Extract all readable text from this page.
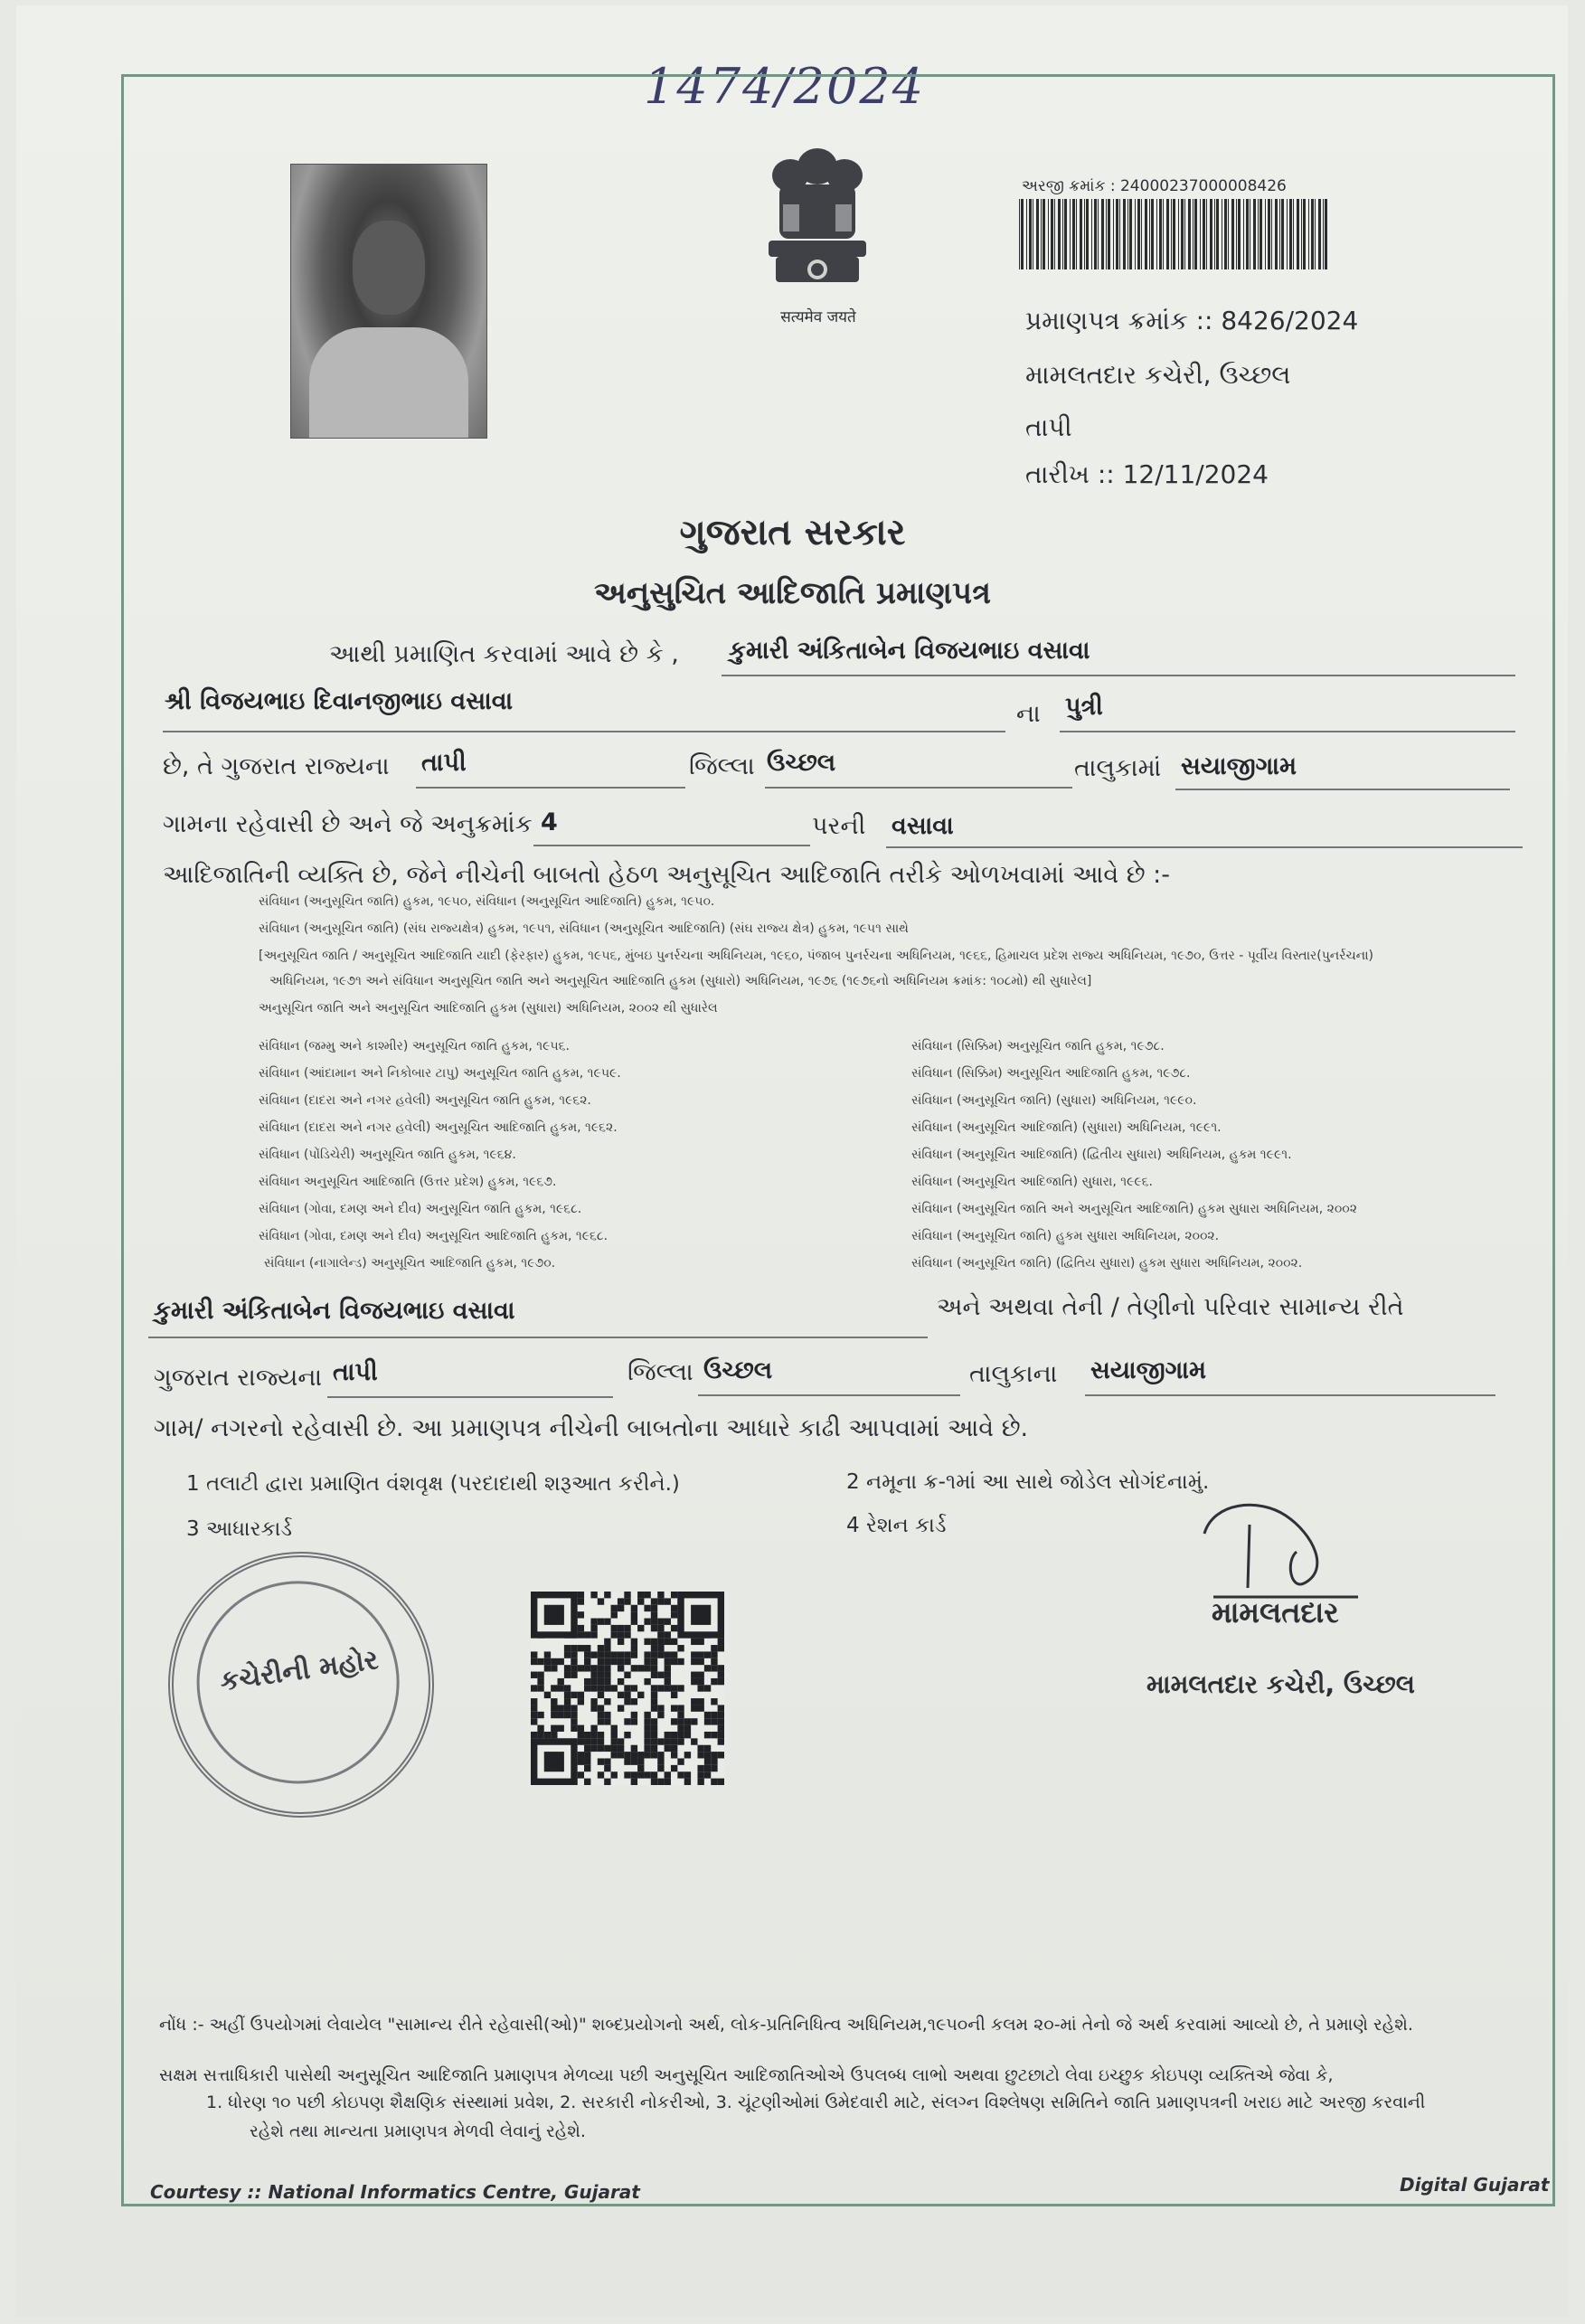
1474/2024
सत्यमेव जयते
અરજી ક્રમાંક : 24000237000008426
પ્રમાણપત્ર ક્રમાંક :: 8426/2024
મામલતદાર કચેરી, ઉચ્છલ
તાપી
તારીખ :: 12/11/2024
ગુજરાત સરકાર
અનુસુચિત આદિજાતિ પ્રમાણપત્ર
આથી પ્રમાણિત કરવામાં આવે છે કે , કુમારી અંકિતાબેન વિજયભાઇ વસાવા
શ્રી વિજયભાઇ દિવાનજીભાઇ વસાવા	ના પુત્રી
છે, તે ગુજરાત રાજ્યના તાપી	જિલ્લા ઉચ્છલ	તાલુકામાં સયાજીગામ
ગામના રહેવાસી છે અને જે અનુક્રમાંક 4	પરની વસાવા
આદિજાતિની વ્યક્તિ છે, જેને નીચેની બાબતો હેઠળ અનુસૂચિત આદિજાતિ તરીકે ઓળખવામાં આવે છે :-
સંવિધાન (અનુસૂચિત જાતિ) હુકમ, ૧૯૫૦, સંવિધાન (અનુસૂચિત આદિજાતિ) હુકમ, ૧૯૫૦.
સંવિધાન (અનુસૂચિત જાતિ) (સંઘ રાજ્યક્ષેત્ર) હુકમ, ૧૯૫૧, સંવિધાન (અનુસૂચિત આદિજાતિ) (સંઘ રાજ્ય ક્ષેત્ર) હુકમ, ૧૯૫૧ સાથે
[અનુસૂચિત જાતિ / અનુસૂચિત આદિજાતિ યાદી (ફેરફાર) હુકમ, ૧૯૫૬, મુંબઇ પુનર્રચના અધિનિયમ, ૧૯૬૦, પંજાબ પુનર્રચના અધિનિયમ, ૧૯૬૬, હિમાચલ પ્રદેશ રાજ્ય અધિનિયમ, ૧૯૭૦, ઉત્તર - પૂર્વીય વિસ્તાર(પુનર્રચના)
અધિનિયમ, ૧૯૭૧ અને સંવિધાન અનુસૂચિત જાતિ અને અનુસૂચિત આદિજાતિ હુકમ (સુધારો) અધિનિયમ, ૧૯૭૬ (૧૯૭૬નો અધિનિયમ ક્રમાંક: ૧૦૮મો) થી સુધારેલ]
અનુસૂચિત જાતિ અને અનુસૂચિત આદિજાતિ હુકમ (સુધારા) અધિનિયમ, ૨૦૦૨ થી સુધારેલ
સંવિધાન (જમ્મુ અને કાશ્મીર) અનુસૂચિત જાતિ હુકમ, ૧૯૫૬.
સંવિધાન (આંદામાન અને નિકોબાર ટાપુ) અનુસૂચિત જાતિ હુકમ, ૧૯૫૯.
સંવિધાન (દાદરા અને નગર હવેલી) અનુસૂચિત જાતિ હુકમ, ૧૯૬૨.
સંવિધાન (દાદરા અને નગર હવેલી) અનુસૂચિત આદિજાતિ હુકમ, ૧૯૬૨.
સંવિધાન (પોંડિચેરી) અનુસૂચિત જાતિ હુકમ, ૧૯૬૪.
સંવિધાન અનુસૂચિત આદિજાતિ (ઉત્તર પ્રદેશ) હુકમ, ૧૯૬૭.
સંવિધાન (ગોવા, દમણ અને દીવ) અનુસૂચિત જાતિ હુકમ, ૧૯૬૮.
સંવિધાન (ગોવા, દમણ અને દીવ) અનુસૂચિત આદિજાતિ હુકમ, ૧૯૬૮.
સંવિધાન (નાગાલેન્ડ) અનુસૂચિત આદિજાતિ હુકમ, ૧૯૭૦.
સંવિધાન (સિક્કિમ) અનુસૂચિત જાતિ હુકમ, ૧૯૭૮.
સંવિધાન (સિક્કિમ) અનુસૂચિત આદિજાતિ હુકમ, ૧૯૭૮.
સંવિધાન (અનુસૂચિત જાતિ) (સુધારા) અધિનિયમ, ૧૯૯૦.
સંવિધાન (અનુસૂચિત આદિજાતિ) (સુધારા) અધિનિયમ, ૧૯૯૧.
સંવિધાન (અનુસૂચિત આદિજાતિ) (દ્વિતીય સુધારા) અધિનિયમ, હુકમ ૧૯૯૧.
સંવિધાન (અનુસૂચિત આદિજાતિ) સુધારા, ૧૯૯૬.
સંવિધાન (અનુસૂચિત જાતિ અને અનુસૂચિત આદિજાતિ) હુકમ સુધારા અધિનિયમ, ૨૦૦૨
સંવિધાન (અનુસૂચિત જાતિ) હુકમ સુધારા અધિનિયમ, ૨૦૦૨.
સંવિધાન (અનુસૂચિત જાતિ) (દ્વિતિય સુધારા) હુકમ સુધારા અધિનિયમ, ૨૦૦૨.
કુમારી અંકિતાબેન વિજયભાઇ વસાવા	અને અથવા તેની / તેણીનો પરિવાર સામાન્ય રીતે
ગુજરાત રાજ્યના તાપી	જિલ્લા ઉચ્છલ	તાલુકાના સયાજીગામ
ગામ/ નગરનો રહેવાસી છે. આ પ્રમાણપત્ર નીચેની બાબતોના આધારે કાઢી આપવામાં આવે છે.
1 તલાટી દ્વારા પ્રમાણિત વંશવૃક્ષ (પરદાદાથી શરૂઆત કરીને.)	2 નમૂના ક્ર-૧માં આ સાથે જોડેલ સોગંદનામું.
3 આધારકાર્ડ	4 રેશન કાર્ડ
કચેરીની મહોર
મામલતદાર
મામલતદાર કચેરી, ઉચ્છલ
નોંધ :- અહીં ઉપયોગમાં લેવાયેલ "સામાન્ય રીતે રહેવાસી(ઓ)" શબ્દપ્રયોગનો અર્થ, લોક-પ્રતિનિધિત્વ અધિનિયમ,૧૯૫૦ની કલમ ૨૦-માં તેનો જે અર્થ કરવામાં આવ્યો છે, તે પ્રમાણે રહેશે.
સક્ષમ સત્તાધિકારી પાસેથી અનુસૂચિત આદિજાતિ પ્રમાણપત્ર મેળવ્યા પછી અનુસૂચિત આદિજાતિઓએ ઉપલબ્ધ લાભો અથવા છુટછાટો લેવા ઇચ્છુક કોઇપણ વ્યક્તિએ જેવા કે,
1. ધોરણ ૧૦ પછી કોઇપણ શૈક્ષણિક સંસ્થામાં પ્રવેશ, 2. સરકારી નોકરીઓ, 3. ચૂંટણીઓમાં ઉમેદવારી માટે, સંલગ્ન વિશ્લેષણ સમિતિને જાતિ પ્રમાણપત્રની ખરાઇ માટે અરજી કરવાની
રહેશે તથા માન્યતા પ્રમાણપત્ર મેળવી લેવાનું રહેશે.
Courtesy :: National Informatics Centre, Gujarat	Digital Gujarat
